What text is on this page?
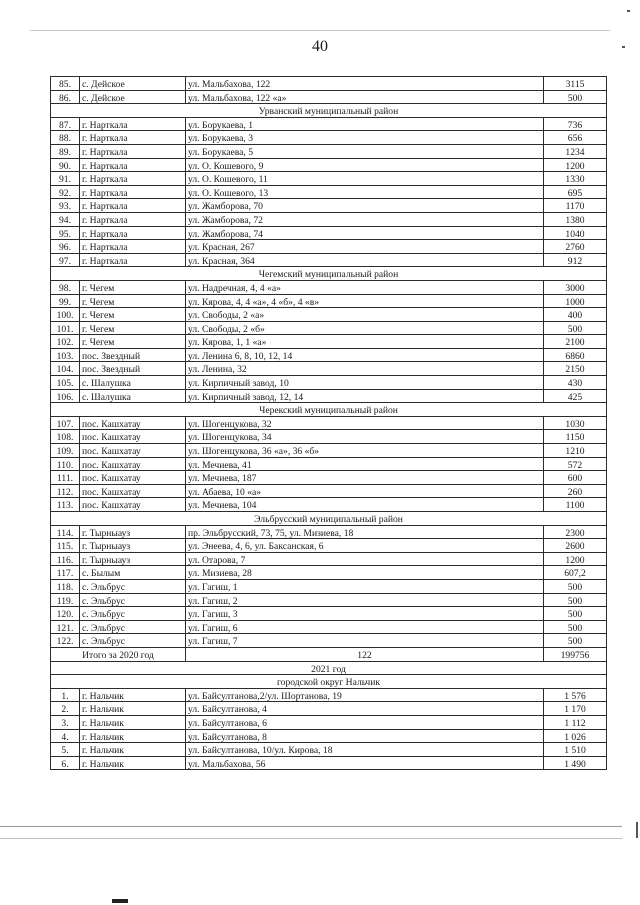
40
85.	с. Дейское	ул. Мальбахова, 122	3115
86.	с. Дейское	ул. Мальбахова, 122 «а»	500
Урванский муниципальный район			
87.	г. Нарткала	ул. Борукаева, 1	736
88.	г. Нарткала	ул. Борукаева, 3	656
89.	г. Нарткала	ул. Борукаева, 5	1234
90.	г. Нарткала	ул. О. Кошевого, 9	1200
91.	г. Нарткала	ул. О. Кошевого, 11	1330
92.	г. Нарткала	ул. О. Кошевого, 13	695
93.	г. Нарткала	ул. Жамборова, 70	1170
94.	г. Нарткала	ул. Жамборова, 72	1380
95.	г. Нарткала	ул. Жамборова, 74	1040
96.	г. Нарткала	ул. Красная, 267	2760
97.	г. Нарткала	ул. Красная, 364	912
Чегемский муниципальный район			
98.	г. Чегем	ул. Надречная, 4, 4 «а»	3000
99.	г. Чегем	ул. Кярова, 4, 4 «а», 4 «б», 4 «в»	1000
100.	г. Чегем	ул. Свободы, 2 «а»	400
101.	г. Чегем	ул. Свободы, 2 «б»	500
102.	г. Чегем	ул. Кярова, 1, 1 «а»	2100
103.	пос. Звездный	ул. Ленина 6, 8, 10, 12, 14	6860
104.	пос. Звездный	ул. Ленина, 32	2150
105.	с. Шалушка	ул. Кирпичный завод, 10	430
106.	с. Шалушка	ул. Кирпичный завод, 12, 14	425
Черекский муниципальный район			
107.	пос. Кашхатау	ул. Шогенцукова, 32	1030
108.	пос. Кашхатау	ул. Шогенцукова, 34	1150
109.	пос. Кашхатау	ул. Шогенцукова, 36 «а», 36 «б»	1210
110.	пос. Кашхатау	ул. Мечиева, 41	572
111.	пос. Кашхатау	ул. Мечиева, 187	600
112.	пос. Кашхатау	ул. Абаева, 10 «а»	260
113.	пос. Кашхатау	ул. Мечиева, 104	1100
Эльбрусский муниципальный район			
114.	г. Тырныауз	пр. Эльбрусский, 73, 75, ул. Мизиева, 18	2300
115.	г. Тырныауз	ул. Энеева, 4, 6, ул. Баксанская, 6	2600
116.	г. Тырныауз	ул. Отарова, 7	1200
117.	с. Былым	ул. Мизиева, 28	607,2
118.	с. Эльбрус	ул. Гагиш, 1	500
119.	с. Эльбрус	ул. Гагиш, 2	500
120.	с. Эльбрус	ул. Гагиш, 3	500
121.	с. Эльбрус	ул. Гагиш, 6	500
122.	с. Эльбрус	ул. Гагиш, 7	500
Итого за 2020 год		122	199756
2021 год			
городской округ Нальчик			
1.	г. Нальчик	ул. Байсултанова,2/ул. Шортанова, 19	1 576
2.	г. Нальчик	ул. Байсултанова, 4	1 170
3.	г. Нальчик	ул. Байсултанова, 6	1 112
4.	г. Нальчик	ул. Байсултанова, 8	1 026
5.	г. Нальчик	ул. Байсултанова, 10/ул. Кирова, 18	1 510
6.	г. Нальчик	ул. Мальбахова, 56	1 490
